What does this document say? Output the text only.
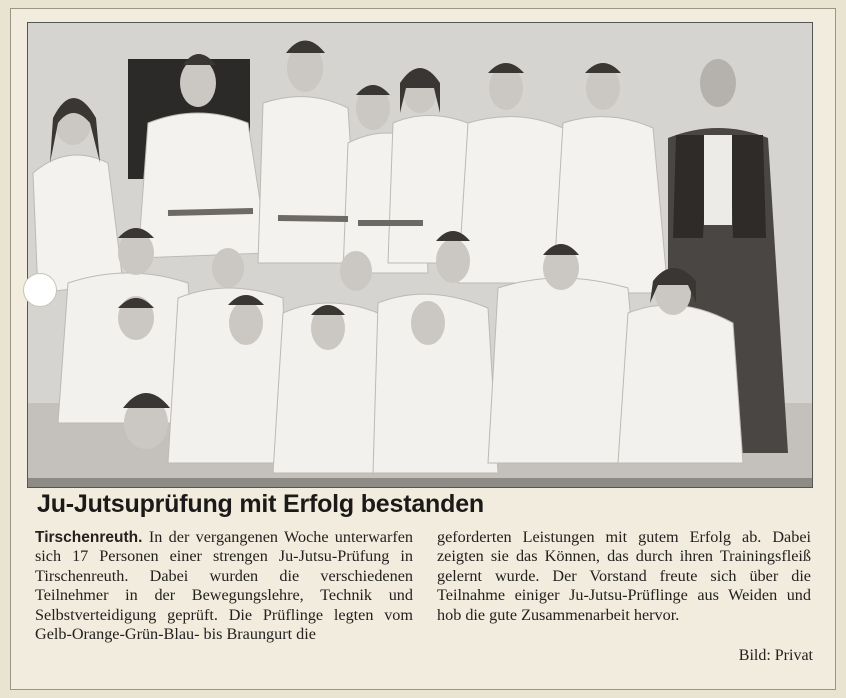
Ju-Jutsuprüfung mit Erfolg bestanden
Tirschenreuth. In der vergangenen Woche unterwarfen sich 17 Personen einer strengen Ju-Jutsu-Prüfung in Tirschenreuth. Dabei wurden die verschiedenen Teilnehmer in der Bewegungslehre, Technik und Selbstverteidigung geprüft. Die Prüflinge legten vom Gelb-Orange-Grün-Blau- bis Braungurt die
geforderten Leistungen mit gutem Erfolg ab. Dabei zeigten sie das Können, das durch ihren Trainingsfleiß gelernt wurde. Der Vorstand freute sich über die Teilnahme einiger Ju-Jutsu-Prüflinge aus Weiden und hob die gute Zusammenarbeit hervor.
Bild: Privat
